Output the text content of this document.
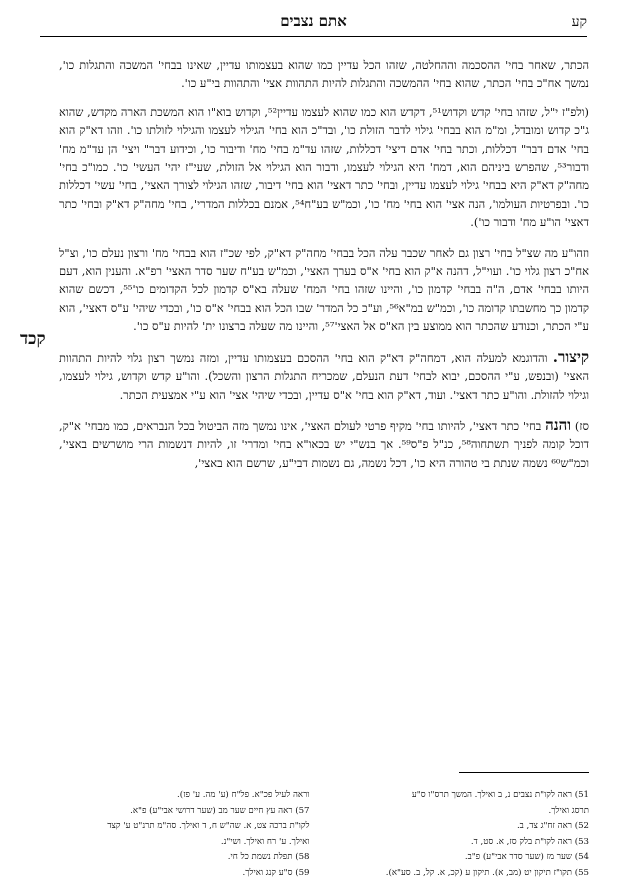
קע
אתם נצבים
קכד

הכתר, שאחר בחי' ההסכמה וההחלטה, שזהו הכל עדיין כמו שהוא בעצמותו עדיין, שאינו בבחי' המשכה והתגלות כו', נמשך אח"כ בחי' הכתר, שהוא בחי' ההמשכה והתגלות להיות התהוות אצי' והתהוות בי"ע כו'.

(ולפ"ז י"ל, שזהו בחי' קדש וקדוש⁵¹, דקדש הוא כמו שהוא לעצמו עדיין⁵², וקדוש בוא"ו הוא המשכת הארה מקדש, שהוא ג"כ קדוש ומובדל, ומ"מ הוא בבחי' גילוי לדבר הזולת כו', ובד"כ הוא בחי' הגילוי לעצמו והגילוי לזולתו כו'. וזהו דא"ק הוא בחי' אדם דבר" דכללות, וכתר בחי' אדם דיצי' דכללות, שזהו עד"מ בחי' מח' ודיבור כו', וכידוע דבר" ויצי' הן עד"מ מח' ודבור⁵³, שהפרש ביניהם הוא, דמח' היא הגילוי לעצמו, ודבור הוא הגילוי אל הזולת, שעי"ז יהי' העשי' כו'. כמו"כ בחי' מחה"ק דא"ק היא בבחי' גילוי לעצמו עדיין, ובחי' כתר דאצי' הוא בחי' דיבור, שזהו הגילוי לצורך האצי', בחי' עשי' דכללות כו'. ובפרטיות העולמו', הנה אצי' הוא בחי' מח' כו', וכמ"ש בע"ח⁵⁴, אמנם בכללות המדרי', בחי' מחה"ק דא"ק ובחי' כתר דאצי' הו"ע מח' ודבור כו').

וזהו"ע מה שצ"ל בחי' רצון גם לאחר שכבר עלה הכל בבחי' מחה"ק דא"ק, לפי שכ"ז הוא בבחי' מח' ורצון נעלם כו', וצ"ל אח"כ רצון גלוי כו'. ועוי"ל, דהנה א"ק הוא בחי' א"ס בערך האצי', וכמ"ש בע"ח שער סדר האצי' רפ"א. והענין הוא, דעם היותו בבחי' אדם, ה"ה בבחי' קדמון כו', והיינו שזהו בחי' המח' שעלה בא"ס קדמון לכל הקדומים כו'⁵⁵, דכשם שהוא קדמון כך מחשבתו קדומה כו', וכמ"ש במ"א⁵⁶, וע"כ כל המדר' שבו הכל הוא בבחי' א"ס כו', ובכדי שיהי' ע"ס דאצי', הוא ע"י הכתר, וכנודע שהכתר הוא ממוצע בין הא"ס אל האצי'⁵⁷, והיינו מה שעלה ברצונו ית' להיות ע"ס כו'.

קיצור. והדוגמא למעלה הוא, דמחה"ק דא"ק הוא בחי' ההסכם בעצמותו עדיין, ומזה נמשך רצון גלוי להיות התהוות האצי' (ובנפש, ע"י ההסכם, יבוא לבחי' דעת הנעלם, שמכריח התגלות הרצון והשכל). והו"ע קדש וקדוש, גילוי לעצמו, וגילוי להזולת. והו"ע כתר דאצי'. ועוד, דא"ק הוא בחי' א"ס עדיין, ובכדי שיהי' אצי' הוא ע"י אמצעית הכתר.

סז) והנה בחי' כתר דאצי', להיותו בחי' מקיף פרטי לעולם האצי', אינו נמשך מזה הביטול בכל הנבראים, כמו מבחי' א"ק, דוכל קומה לפניך תשתחוה⁵⁸, כנ"ל פ"ס⁵⁹. אך בנש"י יש בכאו"א בחי' ומדרי' זו, להיות דנשמות הרי מושרשים באצי', וכמ"ש⁶⁰ נשמה שנתת בי טהורה היא כו', דכל נשמה, גם נשמות דבי"ע, שרשם הוא באצי',

51) ראה לקו"ת נצבים נ, ב ואילך. המשך תרס"ו ס"ע
תרסג ואילך.
52) ראה זח"ג צד, ב.
53) ראה לקו"ת בלק סז, א. סט, ד.
54) שער מז (שער סדר אבי"ע) פ"ב.
55) תקו"ז תיקון יט (מב, א). תיקון ע (קכ, א. קל, ב. סע"א).
וראה לעיל פכ"א. פל"ח (ע' מה. ע' פז).
57) ראה עץ חיים שער מב (שער דרושי אבי"ע) פ"א.
לקו"ת ברכה צט, א. שה"ש ח, ד ואילך. סה"מ תרנ"ט ע' קצד
ואילך. ע' רח ואילך. ושי"נ.
58) תפלת נשמת כל חי.
59) ס"ע קנג ואילך.
